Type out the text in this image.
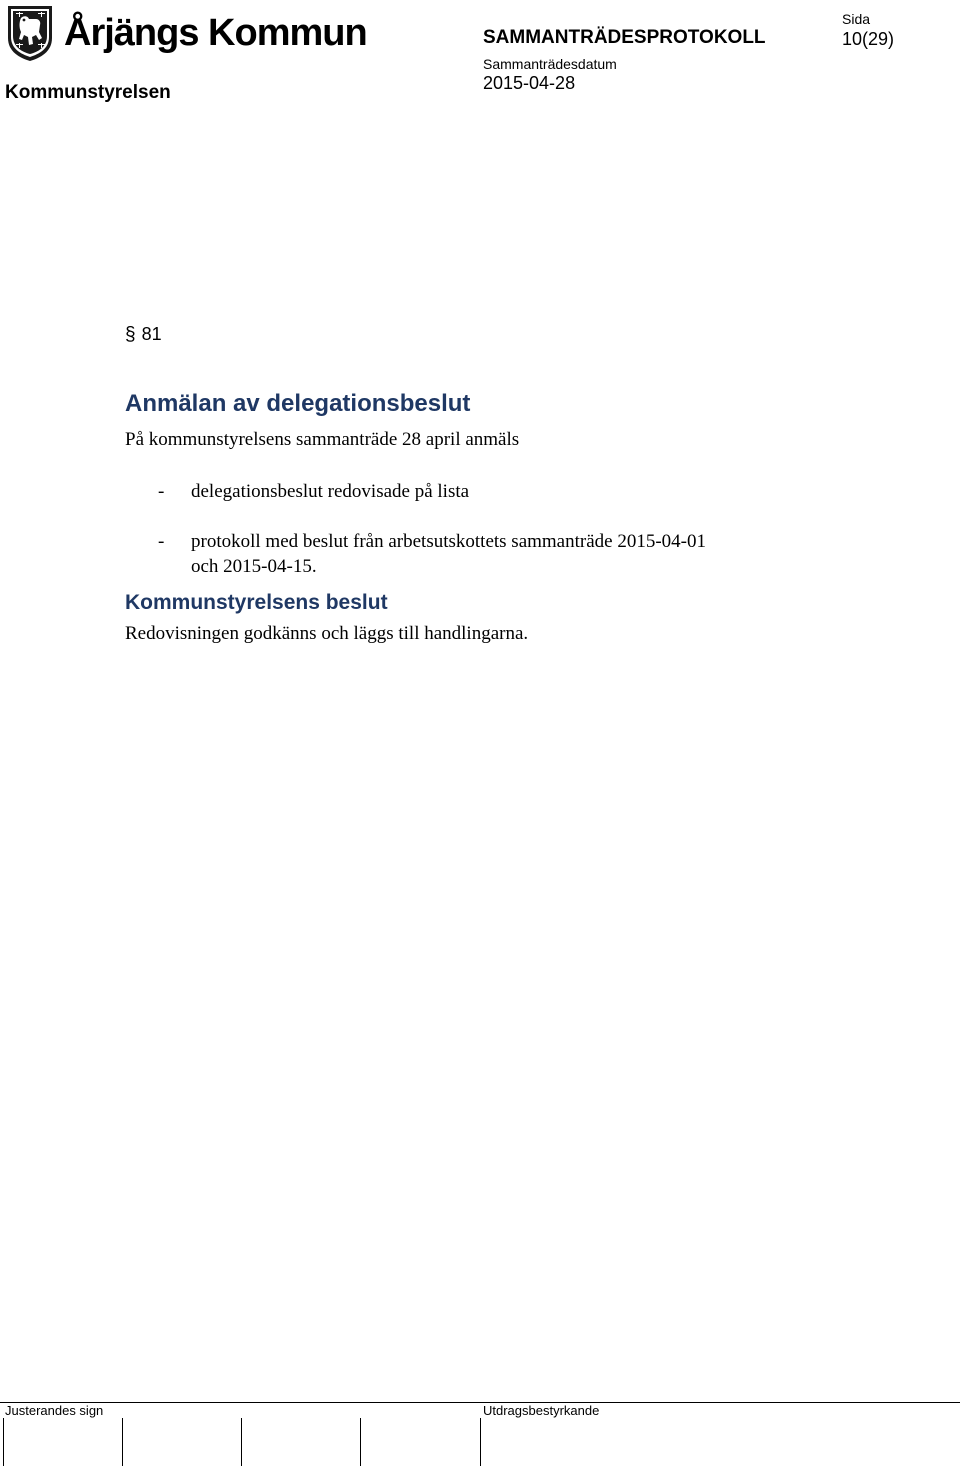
Årjängs Kommun	SAMMANTRÄDESPROTOKOLL
Sida
10(29)
Kommunstyrelsen
Sammanträdesdatum
2015-04-28
§ 81
Anmälan av delegationsbeslut
På kommunstyrelsens sammanträde 28 april anmäls
- delegationsbeslut redovisade på lista
- protokoll med beslut från arbetsutskottets sammanträde 2015-04-01
och 2015-04-15.
Kommunstyrelsens beslut
Redovisningen godkänns och läggs till handlingarna.
Justerandes sign	Utdragsbestyrkande
